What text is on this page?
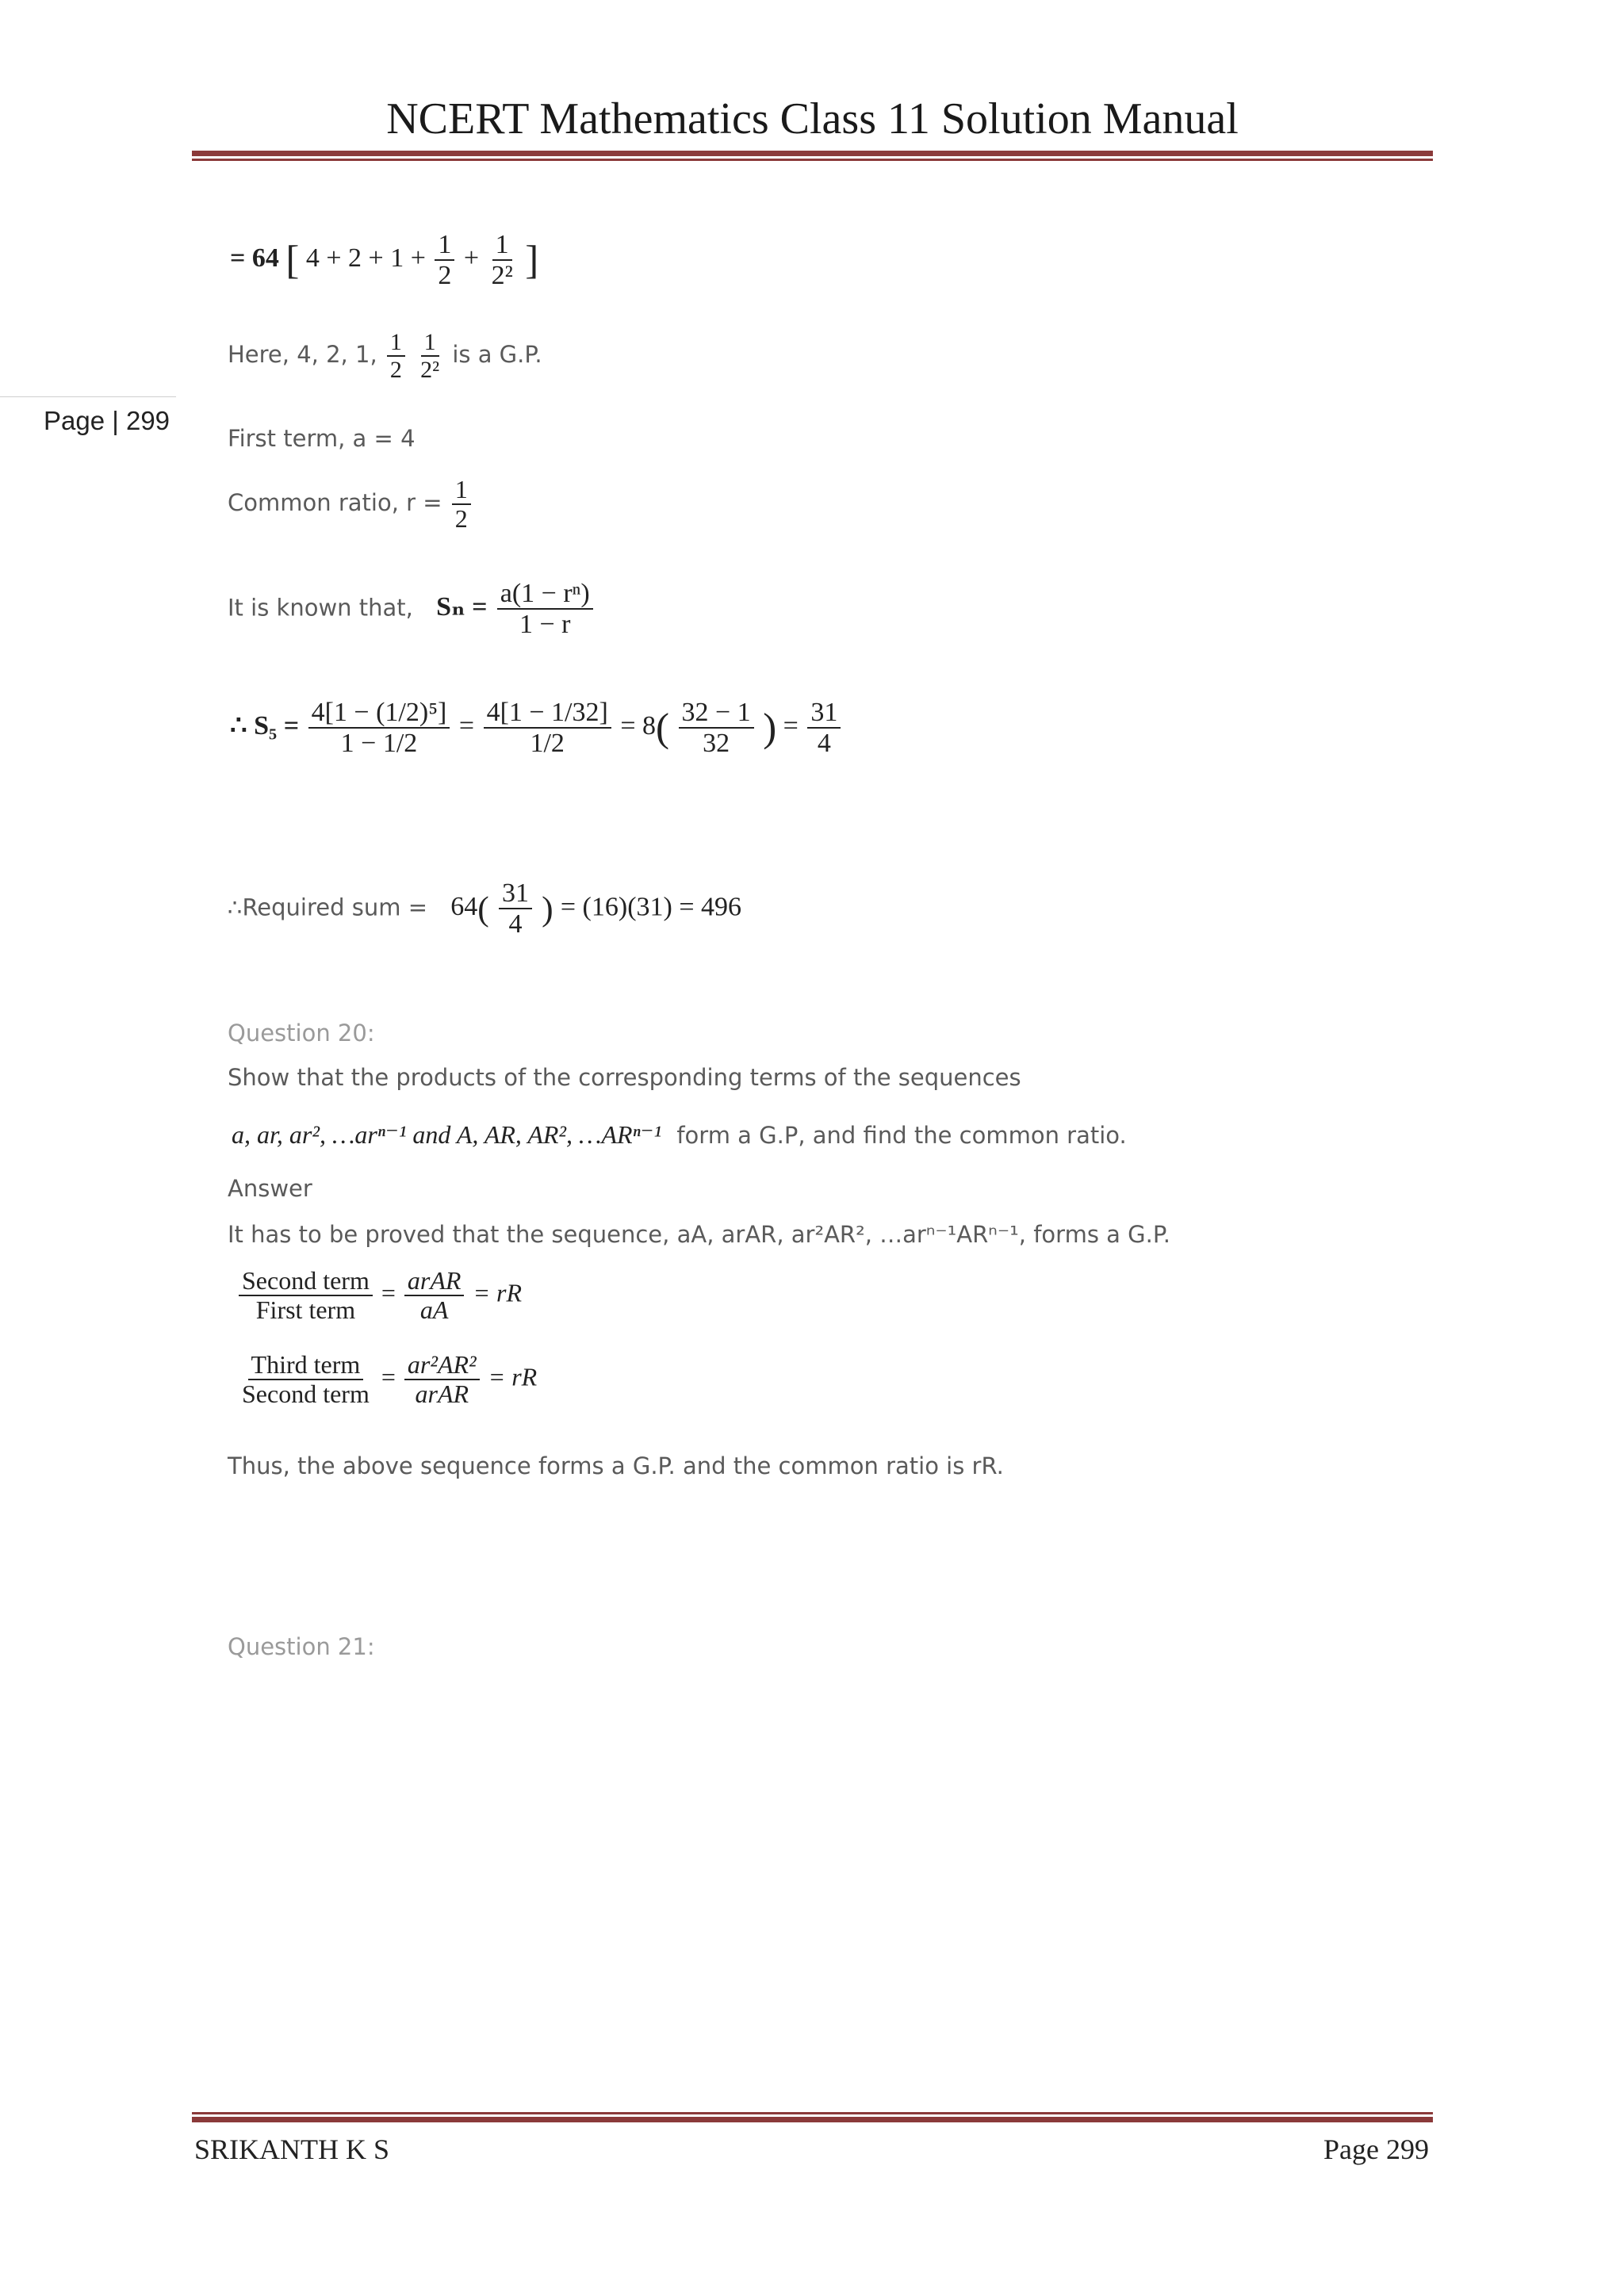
NCERT Mathematics Class 11 Solution Manual
Page | 299
= 64 [ $4 + 2 + 1 + \frac{1}{2} + \frac{1}{\text{2²}}$ ]
Here, 4, 2, 1, $\frac{1}{2}$
$\frac{1}{\text{2²}}$ is a G.P.
First term, a = 4
Common ratio, $r = \frac{1}{2}$
It is known that, $S_n = \frac{\text{a(1 − rⁿ)}}{1 - r}$
∴ $S_5 = \frac{\text{4[1 − (1/2)⁵]}}{1 - 1/2} = \frac{4[1 - 1/32]}{1/2} = 8( \frac{32 - 1}{32}$ ) = $\frac{31}{4}$
∴Required sum = $64( \frac{31}{4}$ ) = (16)(31) = 496
Question 20:
Show that the products of the corresponding terms of the sequences
a, ar, ar², …arⁿ⁻¹ and A, AR, AR², …ARⁿ⁻¹ form a G.P, and find the common ratio.
Answer
It has to be proved that the sequence, aA, arAR, ar²AR², …arⁿ⁻¹ARⁿ⁻¹, forms a G.P.
$\frac{\text{Second term}}{\text{First term}} = \frac{\text{arAR}}{aA}$ = rR
$\frac{\text{Third term}}{\text{Second term}} = \frac{\text{ar²AR²}}{\text{arAR}}$ = rR
Thus, the above sequence forms a G.P. and the common ratio is rR.
Question 21:
SRIKANTH K S	Page 299
